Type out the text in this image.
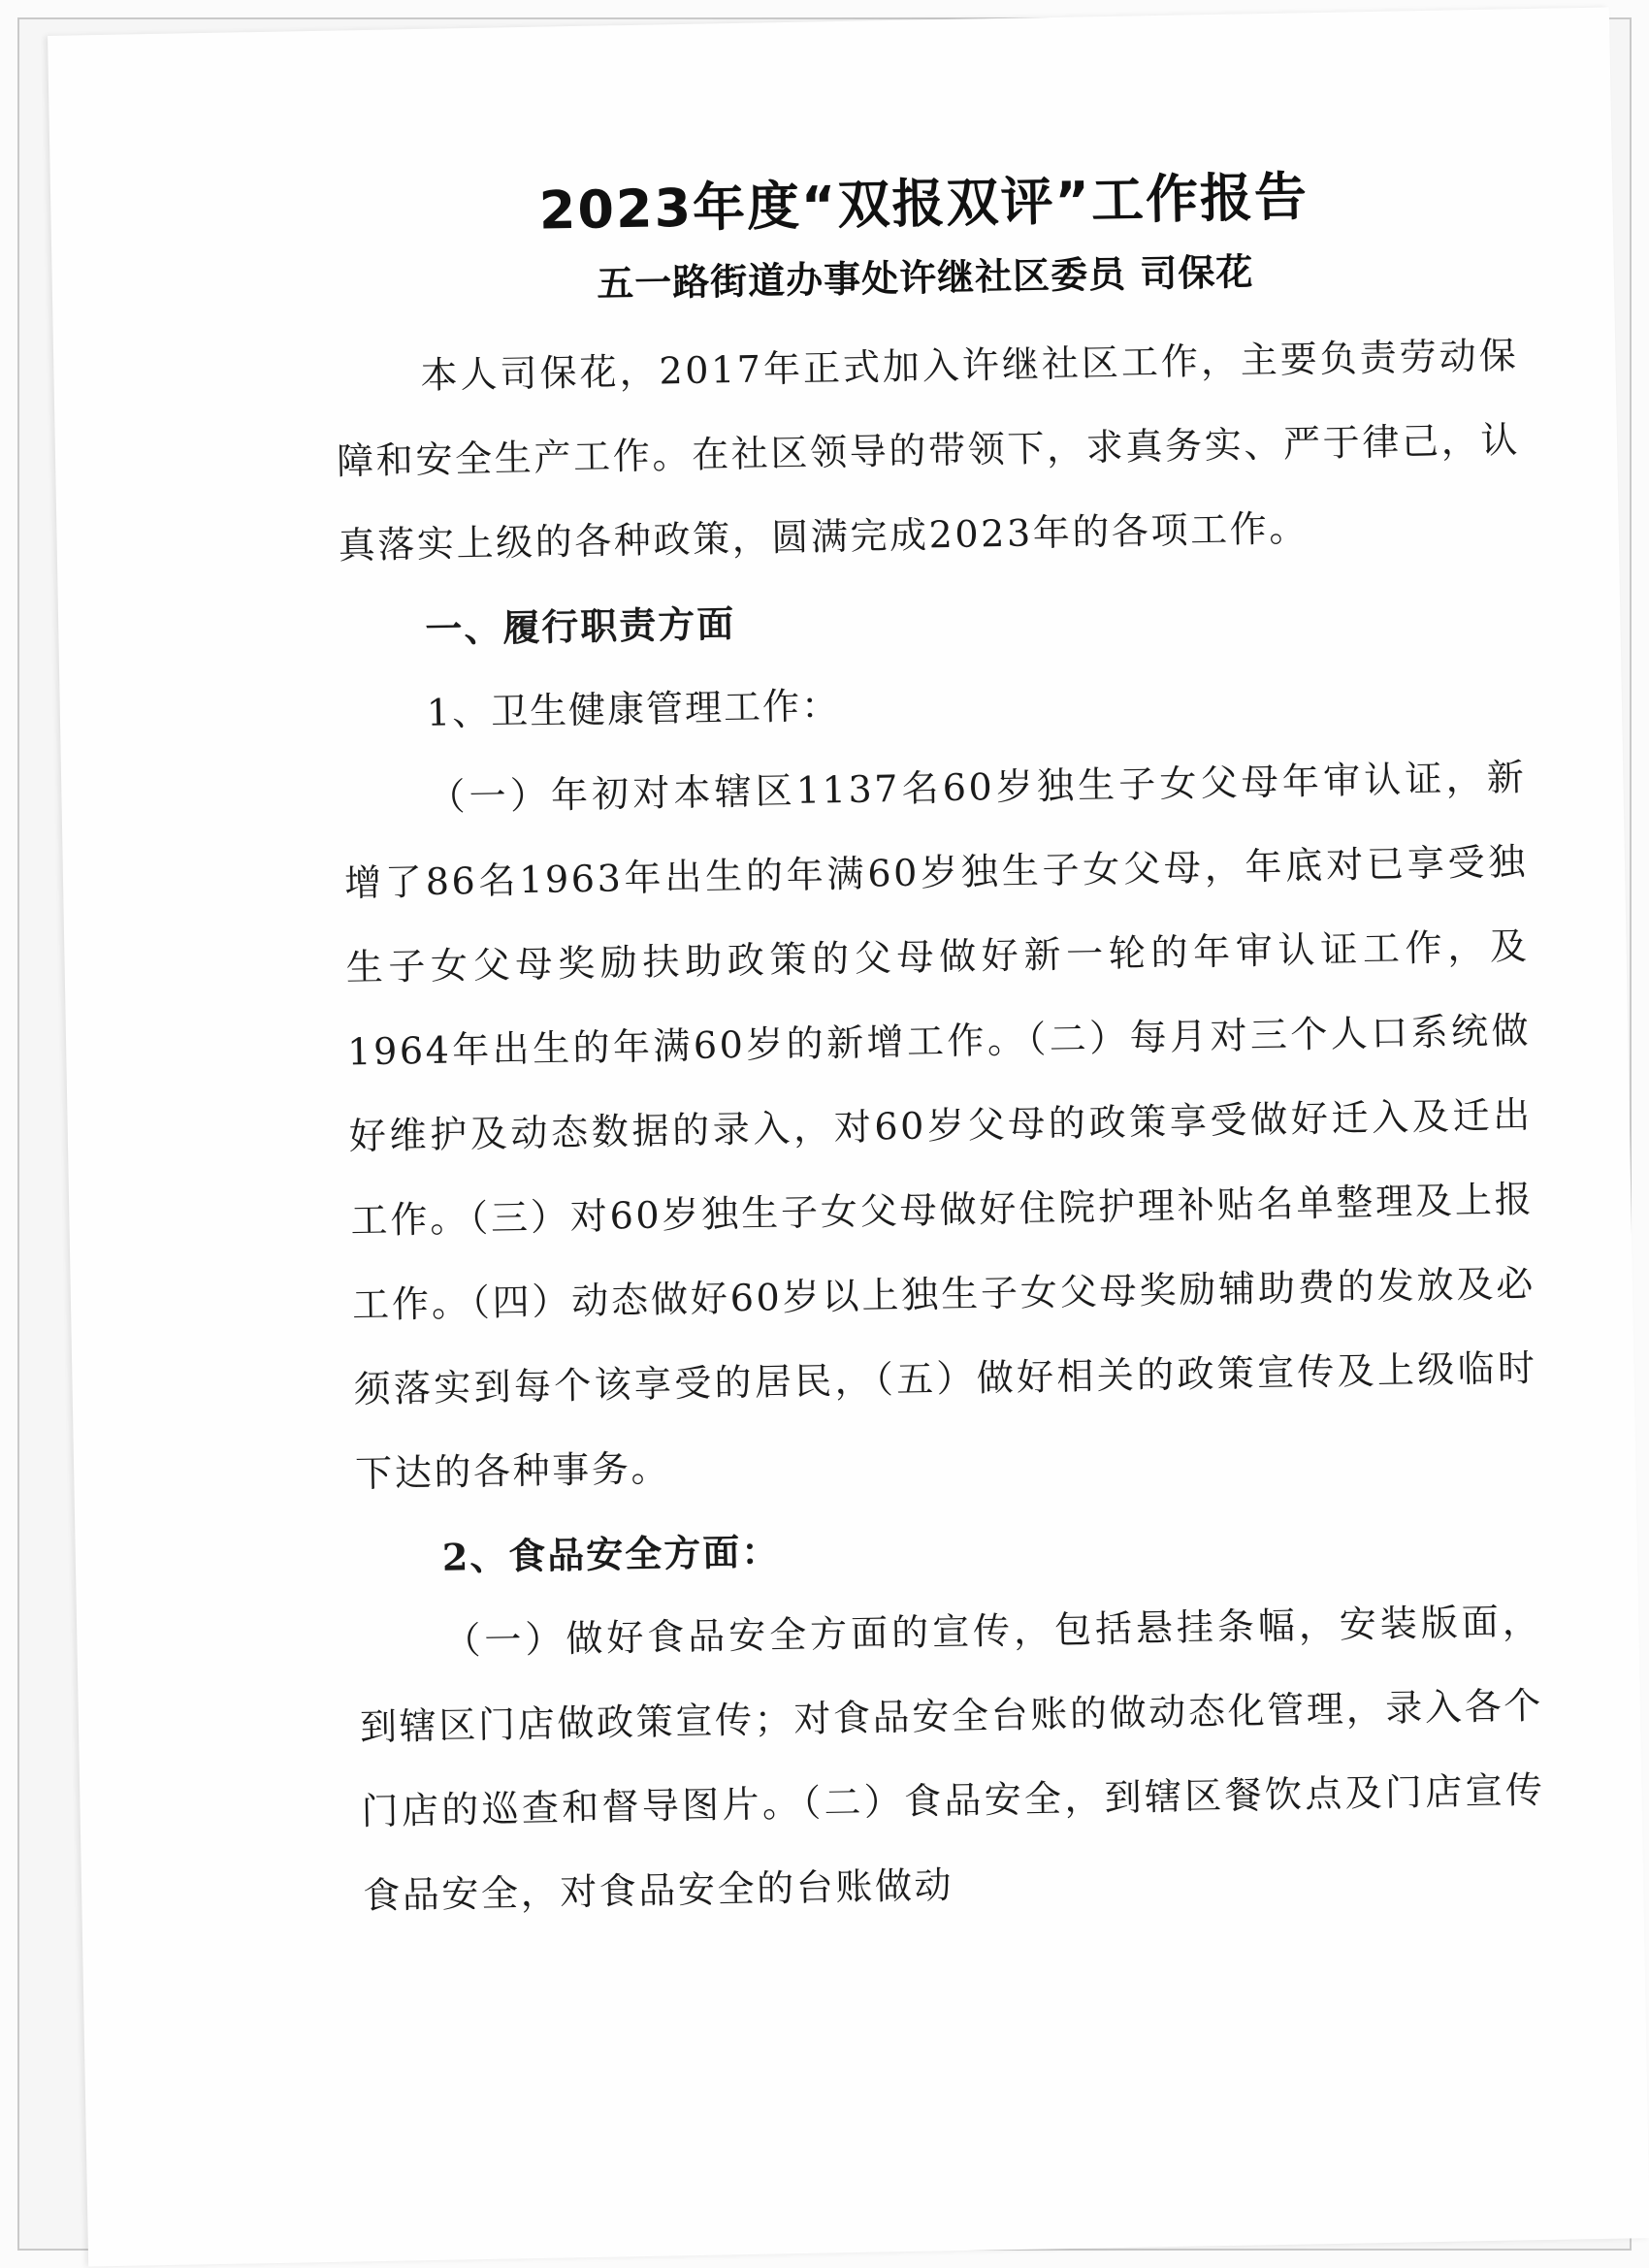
2023年度“双报双评”工作报告
五一路街道办事处许继社区委员 司保花

本人司保花，2017年正式加入许继社区工作，主要负责劳动保障和安全生产工作。在社区领导的带领下，求真务实、严于律己，认真落实上级的各种政策，圆满完成2023年的各项工作。

一、履行职责方面
1、卫生健康管理工作：

（一）年初对本辖区1137名60岁独生子女父母年审认证，新增了86名1963年出生的年满60岁独生子女父母，年底对已享受独生子女父母奖励扶助政策的父母做好新一轮的年审认证工作，及1964年出生的年满60岁的新增工作。（二）每月对三个人口系统做好维护及动态数据的录入，对60岁父母的政策享受做好迁入及迁出工作。（三）对60岁独生子女父母做好住院护理补贴名单整理及上报工作。（四）动态做好60岁以上独生子女父母奖励辅助费的发放及必须落实到每个该享受的居民，（五）做好相关的政策宣传及上级临时下达的各种事务。

2、食品安全方面：

（一）做好食品安全方面的宣传，包括悬挂条幅，安装版面，到辖区门店做政策宣传；对食品安全台账的做动态化管理，录入各个门店的巡查和督导图片。（二）食品安全，到辖区餐饮点及门店宣传食品安全，对食品安全的台账做动
